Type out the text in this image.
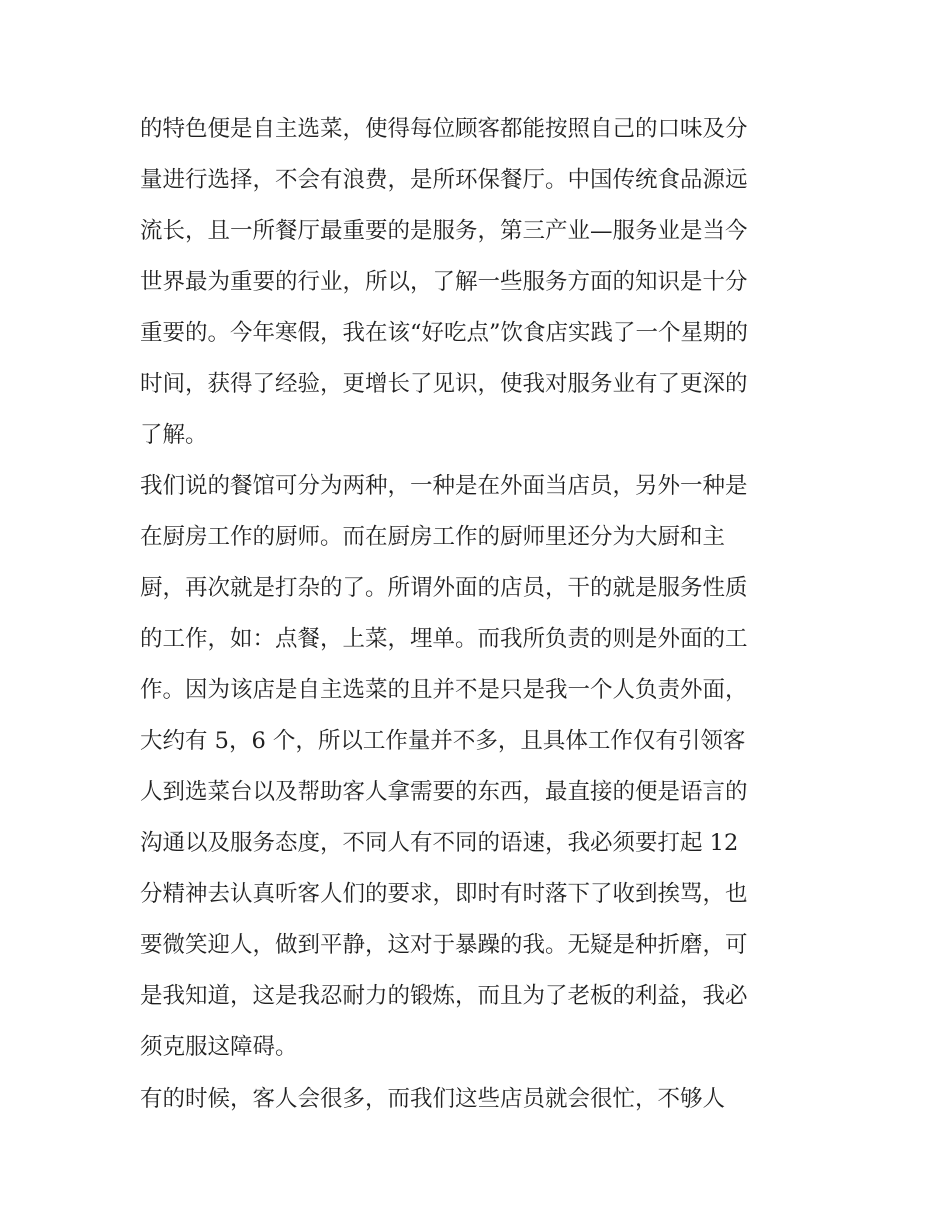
的特色便是自主选菜，使得每位顾客都能按照自己的口味及分
量进行选择，不会有浪费，是所环保餐厅。中国传统食品源远
流长，且一所餐厅最重要的是服务，第三产业—服务业是当今
世界最为重要的行业，所以，了解一些服务方面的知识是十分
重要的。今年寒假，我在该“好吃点”饮食店实践了一个星期的
时间，获得了经验，更增长了见识，使我对服务业有了更深的
了解。
我们说的餐馆可分为两种，一种是在外面当店员，另外一种是
在厨房工作的厨师。而在厨房工作的厨师里还分为大厨和主
厨，再次就是打杂的了。所谓外面的店员，干的就是服务性质
的工作，如：点餐，上菜，埋单。而我所负责的则是外面的工
作。因为该店是自主选菜的且并不是只是我一个人负责外面，
大约有 5，6 个，所以工作量并不多，且具体工作仅有引领客
人到选菜台以及帮助客人拿需要的东西，最直接的便是语言的
沟通以及服务态度，不同人有不同的语速，我必须要打起 12
分精神去认真听客人们的要求，即时有时落下了收到挨骂，也
要微笑迎人，做到平静，这对于暴躁的我。无疑是种折磨，可
是我知道，这是我忍耐力的锻炼，而且为了老板的利益，我必
须克服这障碍。
有的时候，客人会很多，而我们这些店员就会很忙，不够人
